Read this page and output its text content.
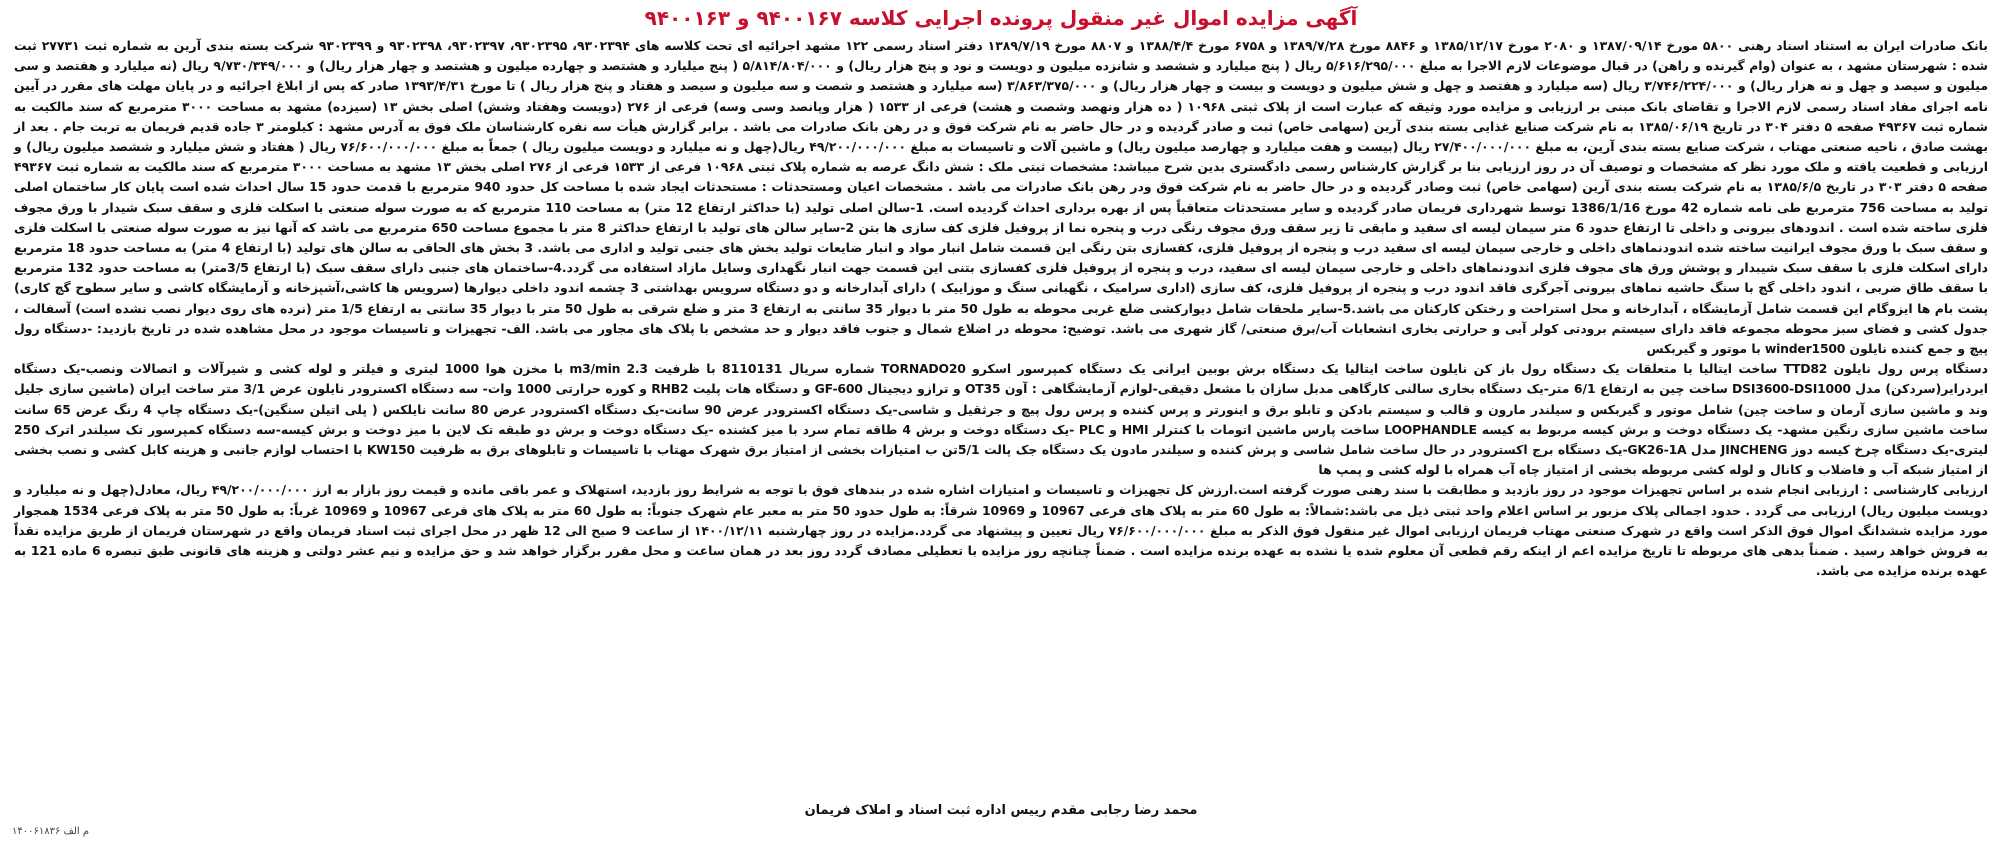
آگهی مزایده اموال غیر منقول پرونده اجرایی کلاسه ۹۴۰۰۱۶۷ و ۹۴۰۰۱۶۳

بانک صادرات ایران به استناد اسناد رهنی ۵۸۰۰ مورخ ۱۳۸۷/۰۹/۱۴ و ۲۰۸۰ مورخ ۱۳۸۵/۱۲/۱۷ و ۸۸۴۶ مورخ ۱۳۸۹/۷/۲۸ و ۶۷۵۸ مورخ ۱۳۸۸/۴/۴ و ۸۸۰۷ مورخ ۱۳۸۹/۷/۱۹ دفتر اسناد رسمی ۱۲۲ مشهد اجرائیه ای تحت کلاسه های ۹۳۰۲۳۹۴، ۹۳۰۲۳۹۵، ۹۳۰۲۳۹۷، ۹۳۰۲۳۹۸ و ۹۳۰۲۳۹۹ شرکت بسته بندی آرین به شماره ثبت ۲۷۷۳۱ ثبت شده : شهرستان مشهد ، به عنوان (وام گیرنده و راهن) در قبال موضوعات لازم الاجرا به مبلغ ۵/۶۱۶/۲۹۵/۰۰۰ ریال ( پنج میلیارد و ششصد و شانزده میلیون و دویست و نود و پنج هزار ریال) و ۵/۸۱۴/۸۰۴/۰۰۰ ( پنج میلیارد و هشتصد و چهارده میلیون و هشتصد و چهار هزار ریال) و ۹/۷۳۰/۳۴۹/۰۰۰ ریال (نه میلیارد و هفتصد و سی میلیون و سیصد و چهل و نه هزار ریال) و ۳/۷۴۶/۲۲۴/۰۰۰ ریال (سه میلیارد و هفتصد و چهل و شش میلیون و دویست و بیست و چهار هزار ریال) و ۳/۸۶۳/۳۷۵/۰۰۰ (سه میلیارد و هشتصد و شصت و سه میلیون و سیصد و هفتاد و پنج هزار ریال ) تا مورخ ۱۳۹۳/۴/۳۱ صادر که پس از ابلاغ اجرائیه و در پایان مهلت های مقرر در آیین نامه اجرای مفاد اسناد رسمی لازم الاجرا و تقاضای بانک مبنی بر ارزیابی و مزایده مورد وثیقه که عبارت است از پلاک ثبتی ۱۰۹۶۸ ( ده هزار ونهصد وشصت و هشت) فرعی از ۱۵۳۳ ( هزار وپانصد وسی وسه) فرعی از ۲۷۶ (دویست وهفتاد وشش) اصلی بخش ۱۳ (سیزده) مشهد به مساحت ۳۰۰۰ مترمربع که سند مالکیت به شماره ثبت ۴۹۳۶۷ صفحه ۵ دفتر ۳۰۴ در تاریخ ۱۳۸۵/۰۶/۱۹ به نام شرکت صنایع غذایی بسته بندی آرین (سهامی خاص) ثبت و صادر گردیده و در حال حاضر به نام شرکت فوق و در رهن بانک صادرات می باشد . برابر گزارش هیأت سه نفره کارشناسان ملک فوق به آدرس مشهد : کیلومتر ۳ جاده قدیم فریمان به تربت جام . بعد از بهشت صادق ، ناحیه صنعتی مهتاب ، شرکت صنایع بسته بندی آرین، به مبلغ ۲۷/۴۰۰/۰۰۰/۰۰۰ ریال (بیست و هفت میلیارد و چهارصد میلیون ریال) و ماشین آلات و تاسیسات به مبلغ ۴۹/۲۰۰/۰۰۰/۰۰۰ ریال(چهل و نه میلیارد و دویست میلیون ریال ) جمعاً به مبلغ ۷۶/۶۰۰/۰۰۰/۰۰۰ ریال ( هفتاد و شش میلیارد و ششصد میلیون ریال) و ارزیابی و قطعیت یافته و ملک مورد نظر که مشخصات و توصیف آن در روز ارزیابی بنا بر گزارش کارشناس رسمی دادگستری بدین شرح میباشد: مشخصات ثبتی ملک : شش دانگ عرصه به شماره پلاک ثبتی ۱۰۹۶۸ فرعی از ۱۵۳۳ فرعی از ۲۷۶ اصلی بخش ۱۳ مشهد به مساحت ۳۰۰۰ مترمربع که سند مالکیت به شماره ثبت ۴۹۳۶۷ صفحه ۵ دفتر ۳۰۳ در تاریخ ۱۳۸۵/۶/۵ به نام شرکت بسته بندی آرین (سهامی خاص) ثبت وصادر گردیده و در حال حاضر به نام شرکت فوق ودر رهن بانک صادرات می باشد . مشخصات اعیان ومستحدثات : مستحدثات ایجاد شده با مساحت کل حدود 940 مترمربع با قدمت حدود 15 سال احداث شده است پایان کار ساختمان اصلی تولید به مساحت 756 مترمربع طی نامه شماره 42 مورخ 1386/1/16 توسط شهرداری فریمان صادر گردیده و سایر مستحدثات متعاقباً پس از بهره برداری احداث گردیده است. 1-سالن اصلی تولید (با حداکثر ارتفاع 12 متر) به مساحت 110 مترمربع که به صورت سوله صنعتی با اسکلت فلزی و سقف سبک شیدار با ورق مجوف فلزی ساخته شده است . اندودهای بیرونی و داخلی تا ارتفاع حدود 6 متر سیمان لیسه ای سفید و مابقی تا زیر سقف ورق مجوف رنگی درب و پنجره نما از پروفیل فلزی کف سازی ها بتن 2-سایر سالن های تولید با ارتفاع حداکثر 8 متر با مجموع مساحت 650 مترمربع می باشد که آنها نیز به صورت سوله صنعتی با اسکلت فلزی و سقف سبک با ورق مجوف ایرانیت ساخته شده اندودنماهای داخلی و خارجی سیمان لیسه ای سفید درب و پنجره از پروفیل فلزی، کفسازی بتن رنگی این قسمت شامل انبار مواد و انبار ضایعات تولید بخش های جنبی تولید و اداری می باشد. 3 بخش های الحاقی به سالن های تولید (با ارتفاع 4 متر) به مساحت حدود 18 مترمربع دارای اسکلت فلزی با سقف سبک شیبدار و پوشش ورق های مجوف فلزی اندودنماهای داخلی و خارجی سیمان لیسه ای سفید، درب و پنجره از پروفیل فلزی کفسازی بتنی این قسمت جهت انبار نگهداری وسایل مازاد استفاده می گردد.4-ساختمان های جنبی دارای سقف سبک (با ارتفاع 3/5متر) به مساحت حدود 132 مترمربع با سقف طاق ضربی ، اندود داخلی گچ با سنگ حاشیه نماهای بیرونی آجرگری فاقد اندود درب و پنجره از پروفیل فلزی، کف سازی (اداری سرامیک ، نگهبانی سنگ و موزاییک ) دارای آبدارخانه و دو دستگاه سرویس بهداشتی 3 چشمه اندود داخلی دیوارها (سرویس ها کاشی،آشپزخانه و آزمایشگاه کاشی و سایر سطوح گچ کاری) پشت بام ها ایزوگام این قسمت شامل آزمایشگاه ، آبدارخانه و محل استراحت و رختکن کارکنان می باشد.5-سایر ملحقات شامل دیوارکشی ضلع غربی محوطه به طول 50 متر با دیوار 35 سانتی به ارتفاع 3 متر و ضلع شرقی به طول 50 متر با دیوار 35 سانتی به ارتفاع 1/5 متر (نرده های روی دیوار نصب نشده است) آسفالت ، جدول کشی و فضای سبز محوطه مجموعه فاقد دارای سیستم برودتی کولر آبی و حرارتی بخاری انشعابات آب/برق صنعتی/ گاز شهری می باشد. توضیح: محوطه در اضلاع شمال و جنوب فاقد دیوار و حد مشخص با پلاک های مجاور می باشد. الف- تجهیزات و تاسیسات موجود در محل مشاهده شده در تاریخ بازدید: -دستگاه رول پیچ و جمع کننده نایلون winder1500 با موتور و گیربکس

دستگاه پرس رول نایلون TTD82 ساخت ایتالیا با متعلقات یک دستگاه رول باز کن نایلون ساخت ایتالیا یک دستگاه برش بوبین ایرانی یک دستگاه کمپرسور اسکرو TORNADO20 شماره سریال 8110131 با ظرفیت m3/min 2.3 با مخزن هوا 1000 لیتری و فیلتر و لوله کشی و شیرآلات و اتصالات ونصب-یک دستگاه ایردرایر(سردکن) مدل DSI3600-DSI1000 ساخت چین به ارتفاع 6/1 متر-یک دستگاه بخاری سالنی کارگاهی مدبل سازان با مشعل دقیقی-لوازم آزمایشگاهی : آون OT35 و ترازو دیجیتال GF-600 و دستگاه هات پلیت RHB2 و کوره حرارتی 1000 وات- سه دستگاه اکسترودر نایلون عرض 3/1 متر ساخت ایران (ماشین سازی جلیل وند و ماشین سازی آرمان و ساخت چین) شامل موتور و گیربکس و سیلندر مارون و قالب و سیستم بادکن و تابلو برق و اینورتر و پرس کننده و پرس رول پیچ و جرثقیل و شاسی-یک دستگاه اکسترودر عرض 90 سانت-یک دستگاه اکسترودر عرض 80 سانت نایلکس ( پلی اتیلن سنگین)-یک دستگاه چاپ 4 رنگ عرض 65 سانت ساخت ماشین سازی رنگین مشهد- یک دستگاه دوخت و برش کیسه مربوط به کیسه LOOPHANDLE ساخت پارس ماشین اتومات با کنترلر HMI و PLC -یک دستگاه دوخت و برش 4 طاقه تمام سرد با میز کشنده -یک دستگاه دوخت و برش دو طبقه تک لاین با میز دوخت و برش کیسه-سه دستگاه کمپرسور تک سیلندر اترک 250 لیتری-یک دستگاه چرخ کیسه دوز JINCHENG مدل GK26-1A-یک دستگاه برج اکسترودر در حال ساخت شامل شاسی و پرش کننده و سیلندر مادون یک دستگاه جک پالت 5/1تن ب امتیازات بخشی از امتیاز برق شهرک مهتاب با تاسیسات و تابلوهای برق به ظرفیت KW150 با احتساب لوازم جانبی و هزینه کابل کشی و نصب بخشی از امتیاز شبکه آب و فاضلاب و کانال و لوله کشی مربوطه بخشی از امتیاز چاه آب همراه با لوله کشی و پمپ ها

ارزیابی کارشناسی : ارزیابی انجام شده بر اساس تجهیزات موجود در روز بازدید و مطابقت با سند رهنی صورت گرفته است.ارزش کل تجهیزات و تاسیسات و امتیازات اشاره شده در بندهای فوق با توجه به شرایط روز بازدید، استهلاک و عمر باقی مانده و قیمت روز بازار به ارز ۴۹/۲۰۰/۰۰۰/۰۰۰ ریال، معادل(چهل و نه میلیارد و دویست میلیون ریال) ارزیابی می گردد . حدود اجمالی پلاک مزبور بر اساس اعلام واحد ثبتی ذیل می باشد:شمالاً: به طول 60 متر به پلاک های فرعی 10967 و 10969 شرقاً: به طول حدود 50 متر به معبر عام شهرک جنوباً: به طول 60 متر به پلاک های فرعی 10967 و 10969 غرباً: به طول 50 متر به پلاک فرعی 1534 همجوار مورد مزایده ششدانگ اموال فوق الذکر است واقع در شهرک صنعتی مهتاب فریمان ارزیابی اموال غیر منقول فوق الذکر به مبلغ ۷۶/۶۰۰/۰۰۰/۰۰۰ ریال تعیین و پیشنهاد می گردد.مزایده در روز چهارشنبه ۱۴۰۰/۱۲/۱۱ از ساعت 9 صبح الی 12 ظهر در محل اجرای ثبت اسناد فریمان واقع در شهرستان فریمان از طریق مزایده نقداً به فروش خواهد رسید . ضمناً بدهی های مربوطه تا تاریخ مزایده اعم از اینکه رقم قطعی آن معلوم شده یا نشده به عهده برنده مزایده است . ضمناً چنانچه روز مزایده با تعطیلی مصادف گردد روز بعد در همان ساعت و محل مقرر برگزار خواهد شد و حق مزایده و نیم عشر دولتی و هزینه های قانونی طبق تبصره 6 ماده 121 به عهده برنده مزایده می باشد.

محمد رضا رجابی مقدم رییس اداره ثبت اسناد و املاک فریمان
م الف ۱۴۰۰۶۱۸۳۶
